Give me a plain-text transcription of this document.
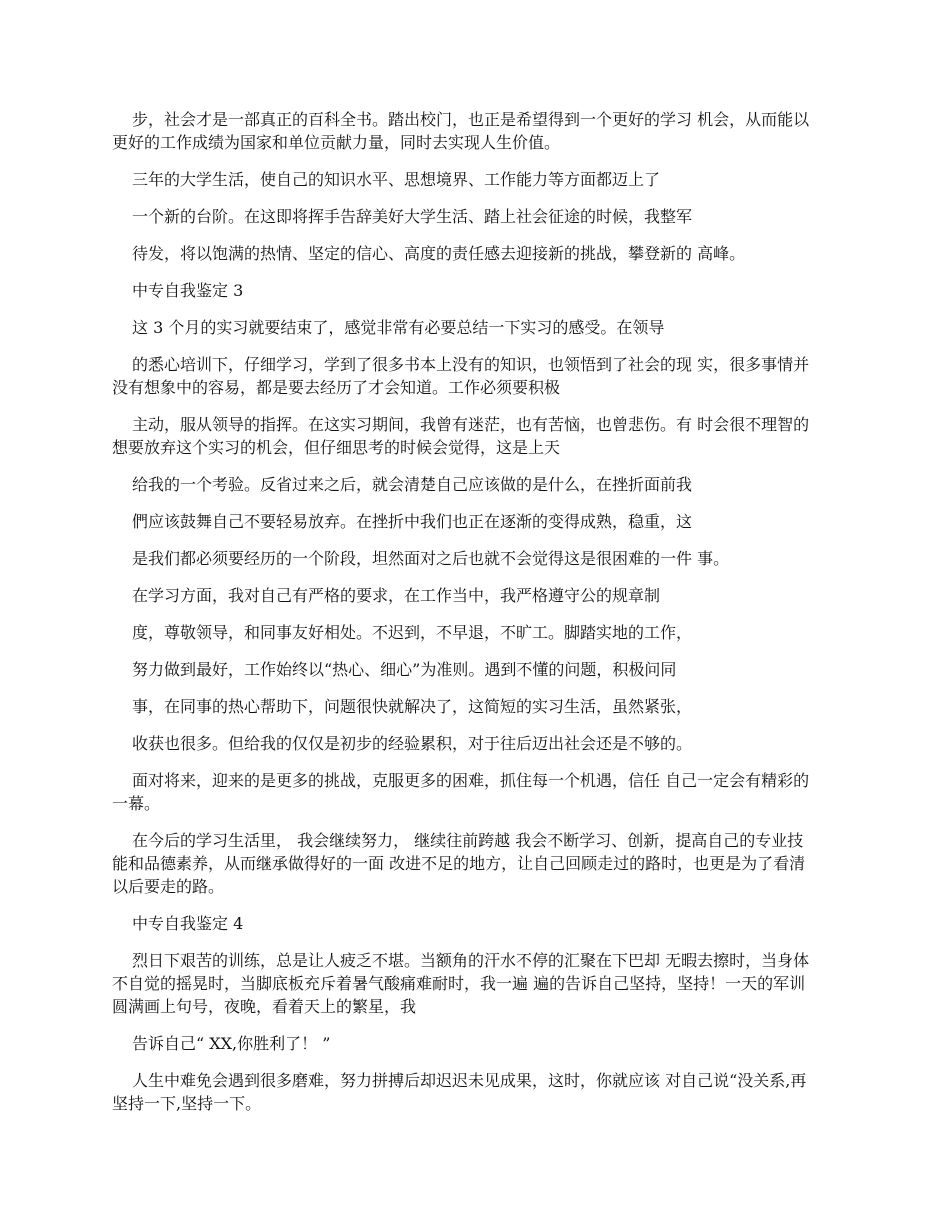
步，社会才是一部真正的百科全书。踏出校门，也正是希望得到一个更好的学习 机会，从而能以更好的工作成绩为国家和单位贡献力量，同时去实现人生价值。

三年的大学生活，使自己的知识水平、思想境界、工作能力等方面都迈上了

一个新的台阶。在这即将挥手告辞美好大学生活、踏上社会征途的时候，我整军

待发，将以饱满的热情、坚定的信心、高度的责任感去迎接新的挑战，攀登新的 高峰。

中专自我鉴定 3

这 3 个月的实习就要结束了，感觉非常有必要总结一下实习的感受。在领导

的悉心培训下，仔细学习，学到了很多书本上没有的知识，也领悟到了社会的现 实，很多事情并没有想象中的容易，都是要去经历了才会知道。工作必须要积极

主动，服从领导的指挥。在这实习期间，我曾有迷茫，也有苦恼，也曾悲伤。有 时会很不理智的想要放弃这个实习的机会，但仔细思考的时候会觉得，这是上天

给我的一个考验。反省过来之后，就会清楚自己应该做的是什么，在挫折面前我

們应该鼓舞自己不要轻易放弃。在挫折中我们也正在逐渐的变得成熟，稳重，这

是我们都必须要经历的一个阶段，坦然面对之后也就不会觉得这是很困难的一件 事。

在学习方面，我对自己有严格的要求，在工作当中，我严格遵守公的规章制

度，尊敬领导，和同事友好相处。不迟到，不早退，不旷工。脚踏实地的工作，

努力做到最好，工作始终以“热心、细心”为准则。遇到不懂的问题，积极问同

事，在同事的热心帮助下，问题很快就解决了，这简短的实习生活，虽然紧张，

收获也很多。但给我的仅仅是初步的经验累积，对于往后迈出社会还是不够的。

面对将来，迎来的是更多的挑战，克服更多的困难，抓住每一个机遇，信任 自己一定会有精彩的一幕。

在今后的学习生活里， 我会继续努力， 继续往前跨越 我会不断学习、创新，提高自己的专业技能和品德素养，从而继承做得好的一面 改进不足的地方，让自己回顾走过的路时，也更是为了看清以后要走的路。

中专自我鉴定 4

烈日下艰苦的训练，总是让人疲乏不堪。当额角的汗水不停的汇聚在下巴却 无暇去擦时，当身体不自觉的摇晃时，当脚底板充斥着暑气酸痛难耐时，我一遍 遍的告诉自己坚持，坚持！一天的军训圆满画上句号，夜晚，看着天上的繁星，我

告诉自己“ XX,你胜利了！ ”

人生中难免会遇到很多磨难，努力拼搏后却迟迟未见成果，这时，你就应该 对自己说“没关系,再坚持一下,坚持一下。
